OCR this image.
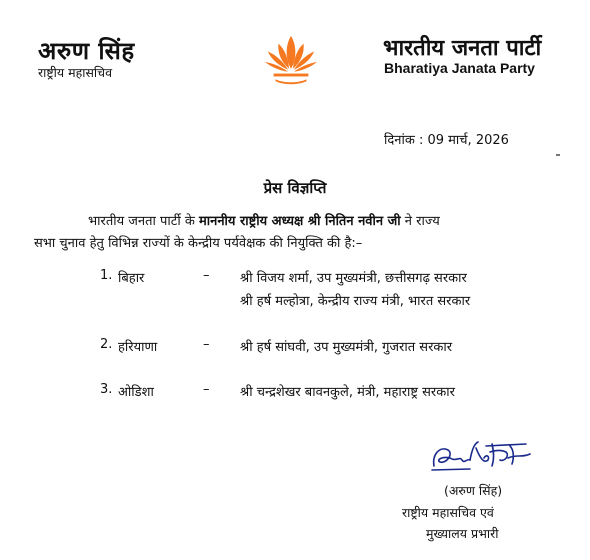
अरुण सिंह
राष्ट्रीय महासचिव
भारतीय जनता पार्टी
Bharatiya Janata Party
दिनांक : 09 मार्च, 2026
प्रेस विज्ञप्ति
भारतीय जनता पार्टी के माननीय राष्ट्रीय अध्यक्ष श्री नितिन नवीन जी ने राज्य
सभा चुनाव हेतु विभिन्न राज्यों के केन्द्रीय पर्यवेक्षक की नियुक्ति की है:–
1. बिहार	– श्री विजय शर्मा, उप मुख्यमंत्री, छत्तीसगढ़ सरकार
श्री हर्ष मल्होत्रा, केन्द्रीय राज्य मंत्री, भारत सरकार
2. हरियाणा	– श्री हर्ष सांघवी, उप मुख्यमंत्री, गुजरात सरकार
3. ओडिशा	– श्री चन्द्रशेखर बावनकुले, मंत्री, महाराष्ट्र सरकार
(अरुण सिंह)
राष्ट्रीय महासचिव एवं
मुख्यालय प्रभारी
